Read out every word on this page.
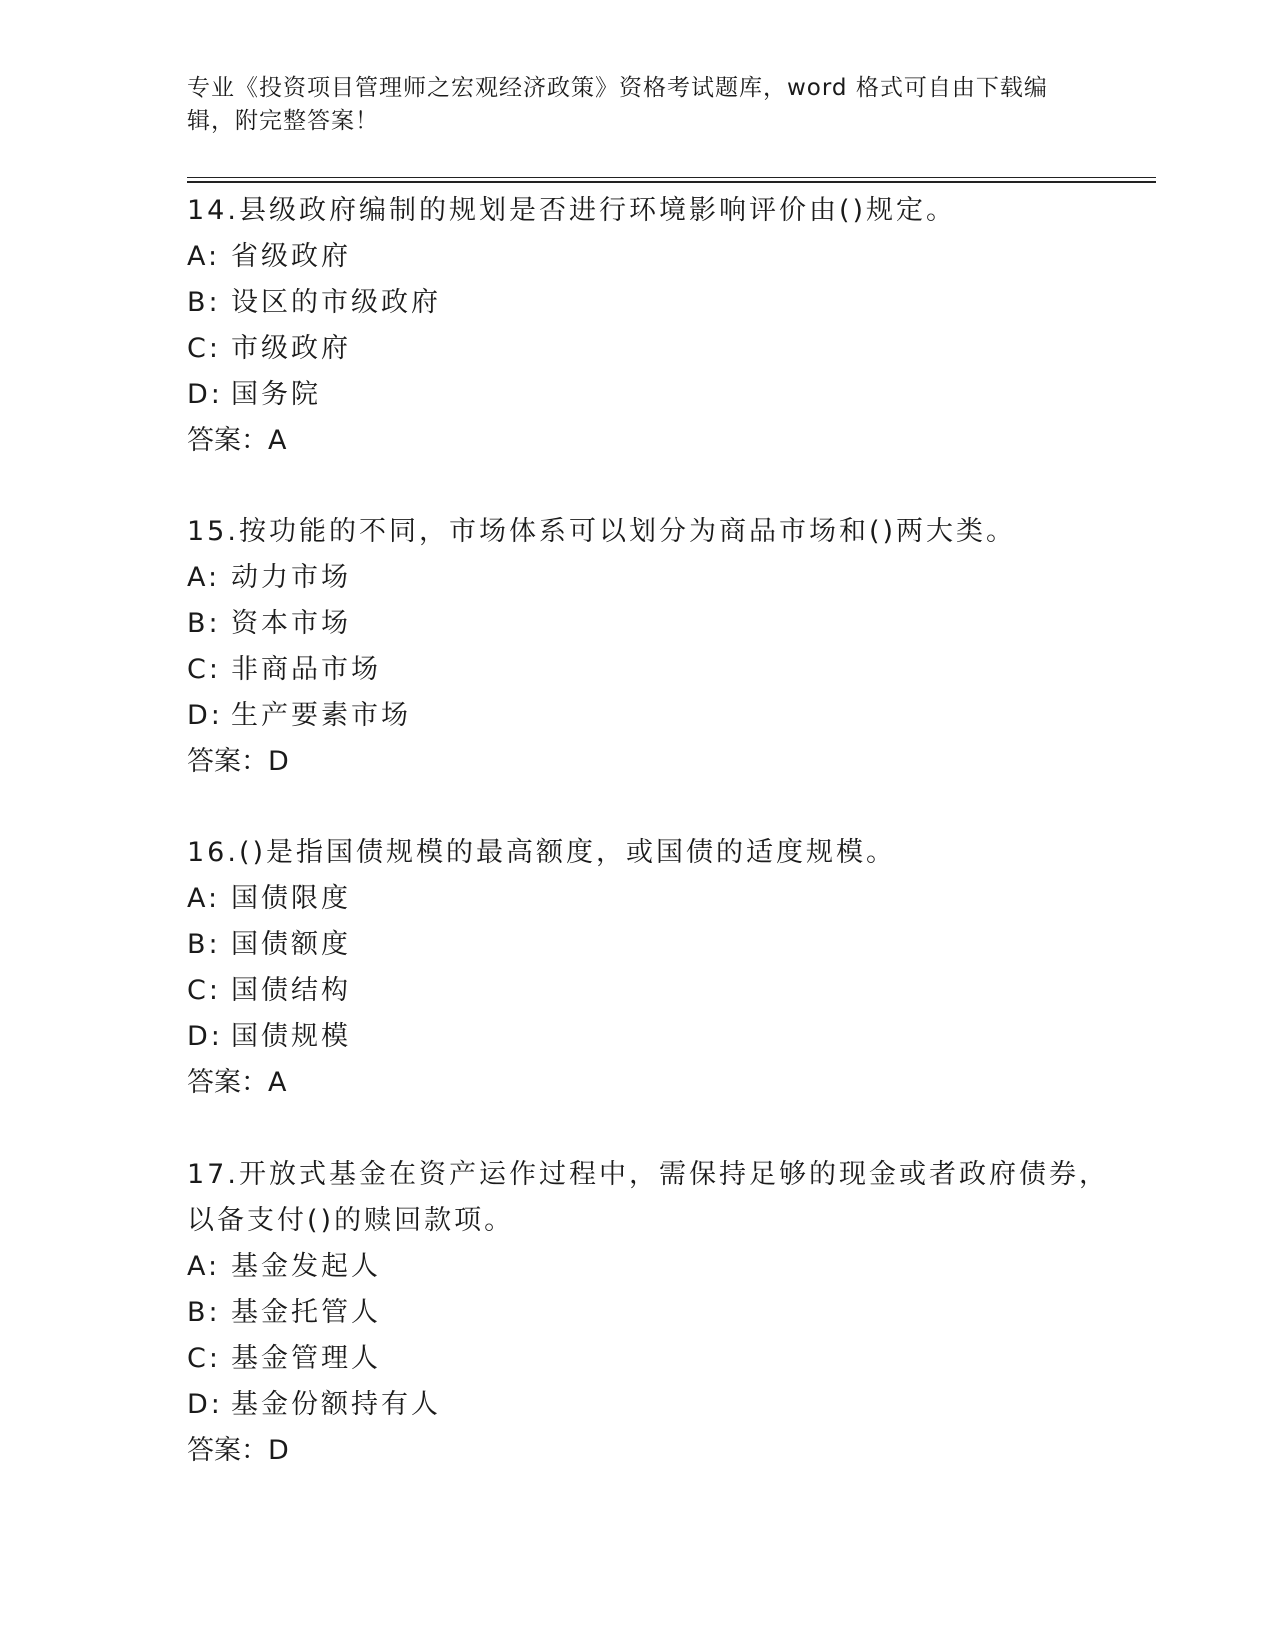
专业《投资项目管理师之宏观经济政策》资格考试题库，word 格式可自由下载编
辑，附完整答案！

14.县级政府编制的规划是否进行环境影响评价由()规定。

A: 省级政府

B: 设区的市级政府

C: 市级政府

D: 国务院

答案：A

15.按功能的不同，市场体系可以划分为商品市场和()两大类。

A: 动力市场

B: 资本市场

C: 非商品市场

D: 生产要素市场

答案：D

16.()是指国债规模的最高额度，或国债的适度规模。

A: 国债限度

B: 国债额度

C: 国债结构

D: 国债规模

答案：A

17.开放式基金在资产运作过程中，需保持足够的现金或者政府债券，

以备支付()的赎回款项。

A: 基金发起人

B: 基金托管人

C: 基金管理人

D: 基金份额持有人

答案：D
